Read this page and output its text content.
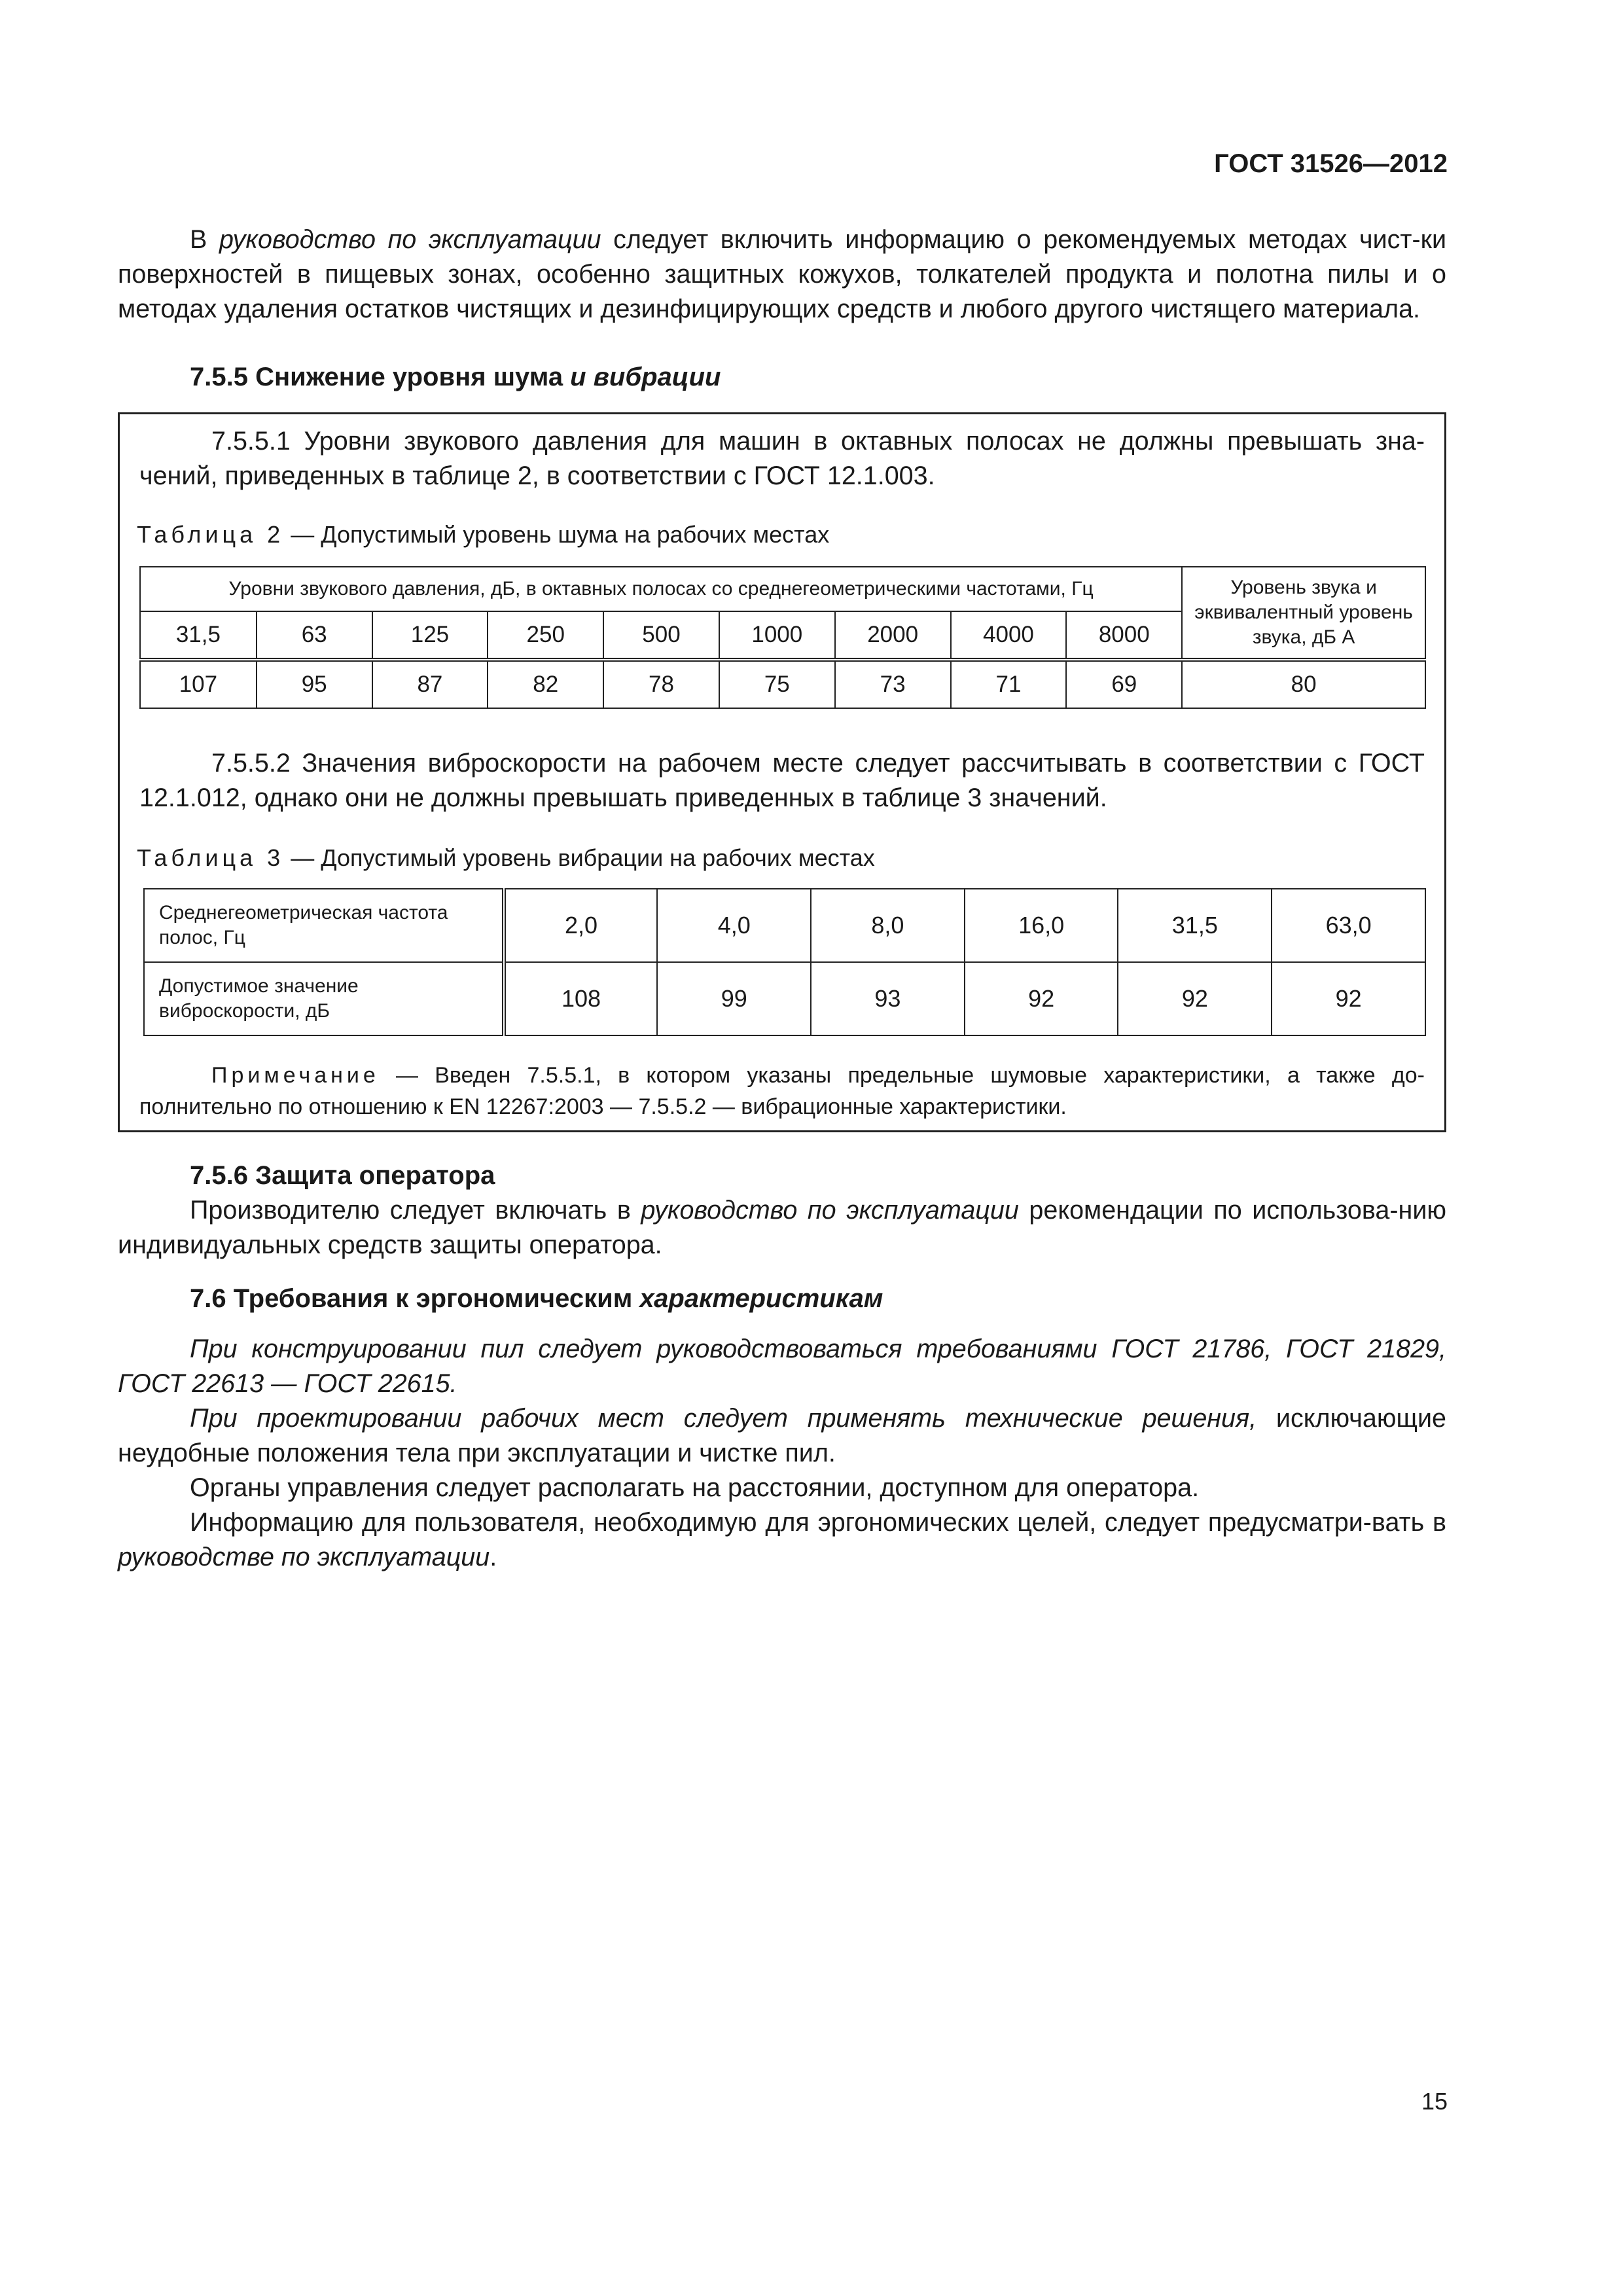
ГОСТ 31526—2012
В руководство по эксплуатации следует включить информацию о рекомендуемых методах чист-ки поверхностей в пищевых зонах, особенно защитных кожухов, толкателей продукта и полотна пилы и о методах удаления остатков чистящих и дезинфицирующих средств и любого другого чистящего материала.
7.5.5 Снижение уровня шума и вибрации
7.5.5.1 Уровни звукового давления для машин в октавных полосах не должны превышать зна-чений, приведенных в таблице 2, в соответствии с ГОСТ 12.1.003.
Таблица 2 — Допустимый уровень шума на рабочих местах
Уровни звукового давления, дБ, в октавных полосах со среднегеометрическими частотами, Гц									Уровень звука и эквивалентный уровень звука, дБ А
31,5	63	125	250	500	1000	2000	4000	8000	
107	95	87	82	78	75	73	71	69	80
7.5.5.2 Значения виброскорости на рабочем месте следует рассчитывать в соответствии с ГОСТ 12.1.012, однако они не должны превышать приведенных в таблице 3 значений.
Таблица 3 — Допустимый уровень вибрации на рабочих местах
Среднегеометрическая частота полос, Гц	2,0	4,0	8,0	16,0	31,5	63,0
Допустимое значение виброскорости, дБ	108	99	93	92	92	92
Примечание — Введен 7.5.5.1, в котором указаны предельные шумовые характеристики, а также до-полнительно по отношению к EN 12267:2003 — 7.5.5.2 — вибрационные характеристики.
7.5.6 Защита оператора
Производителю следует включать в руководство по эксплуатации рекомендации по использова-нию индивидуальных средств защиты оператора.
7.6 Требования к эргономическим характеристикам
При конструировании пил следует руководствоваться требованиями ГОСТ 21786, ГОСТ 21829, ГОСТ 22613 — ГОСТ 22615.
При проектировании рабочих мест следует применять технические решения, исключающие неудобные положения тела при эксплуатации и чистке пил.
Органы управления следует располагать на расстоянии, доступном для оператора.
Информацию для пользователя, необходимую для эргономических целей, следует предусматри-вать в руководстве по эксплуатации.
15
